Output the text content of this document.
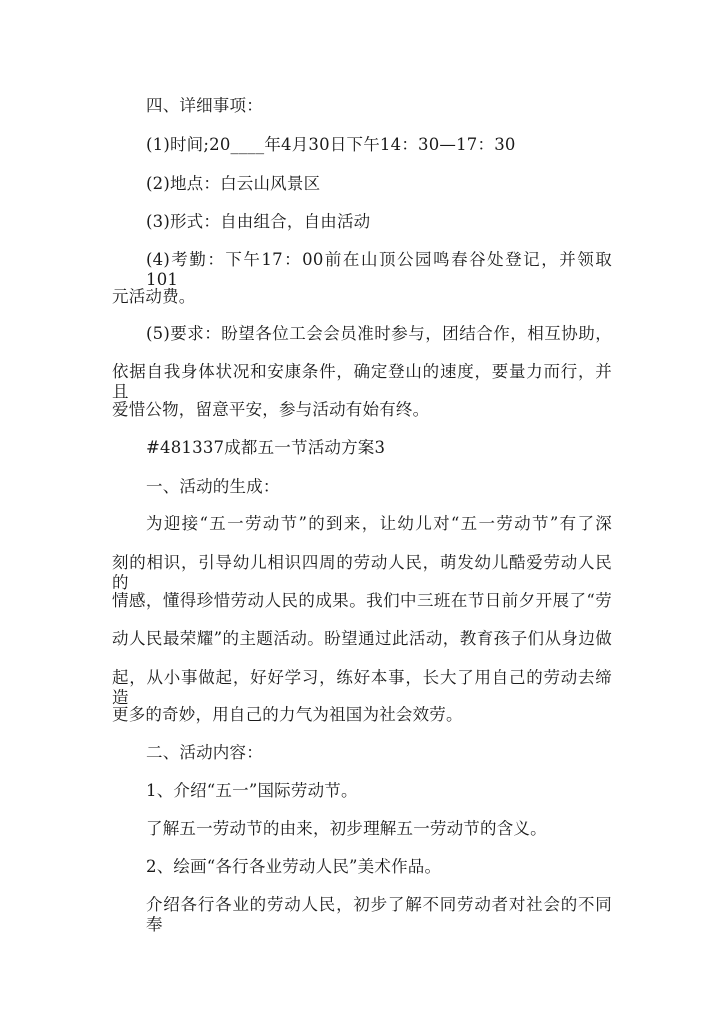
四、详细事项：
(1)时间;20____年4月30日下午14：30—17：30
(2)地点：白云山风景区
(3)形式：自由组合，自由活动
(4)考勤：下午17：00前在山顶公园鸣春谷处登记，并领取101
元活动费。
(5)要求：盼望各位工会会员准时参与，团结合作，相互协助，
依据自我身体状况和安康条件，确定登山的速度，要量力而行，并且
爱惜公物，留意平安，参与活动有始有终。
#481337成都五一节活动方案3
一、活动的生成：
为迎接“五一劳动节”的到来，让幼儿对“五一劳动节”有了深
刻的相识，引导幼儿相识四周的劳动人民，萌发幼儿酷爱劳动人民的
情感，懂得珍惜劳动人民的成果。我们中三班在节日前夕开展了“劳
动人民最荣耀”的主题活动。盼望通过此活动，教育孩子们从身边做
起，从小事做起，好好学习，练好本事，长大了用自己的劳动去缔造
更多的奇妙，用自己的力气为祖国为社会效劳。
二、活动内容：
1、介绍“五一”国际劳动节。
了解五一劳动节的由来，初步理解五一劳动节的含义。
2、绘画“各行各业劳动人民”美术作品。
介绍各行各业的劳动人民，初步了解不同劳动者对社会的不同奉
